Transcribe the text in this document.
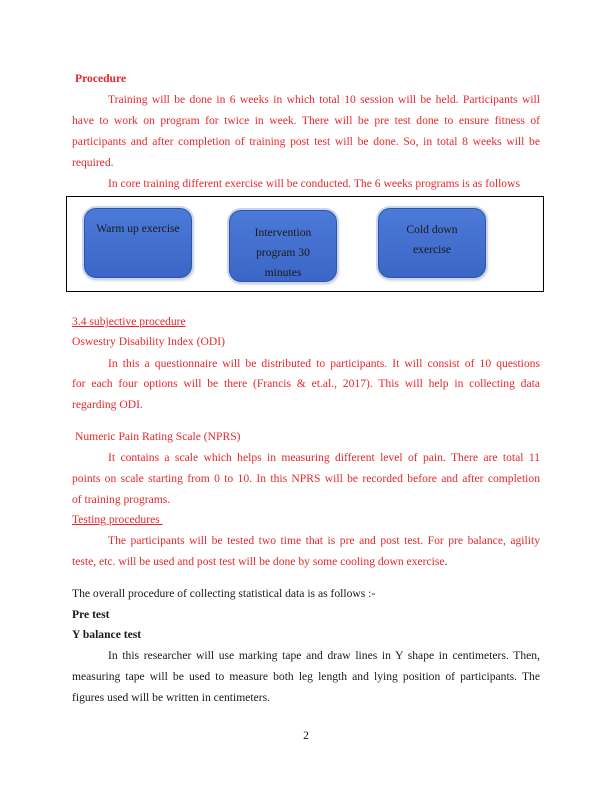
Procedure
Training will be done in 6 weeks in which total 10 session will be held. Participants will
have to work on program for twice in week. There will be pre test done to ensure fitness of
participants and after completion of training post test will be done. So, in total 8 weeks will be
required.
In core training different exercise will be conducted. The 6 weeks programs is as follows
Warm up exercise	Intervention
program 30
minutes
Cold down
exercise
3.4 subjective procedure
Oswestry Disability Index (ODI)
In this a questionnaire will be distributed to participants. It will consist of 10 questions
for each four options will be there (Francis & et.al., 2017). This will help in collecting data
regarding ODI.
Numeric Pain Rating Scale (NPRS)
It contains a scale which helps in measuring different level of pain. There are total 11
points on scale starting from 0 to 10. In this NPRS will be recorded before and after completion
of training programs.
Testing procedures
The participants will be tested two time that is pre and post test. For pre balance, agility
teste, etc. will be used and post test will be done by some cooling down exercise.
The overall procedure of collecting statistical data is as follows :-
Pre test
Y balance test
In this researcher will use marking tape and draw lines in Y shape in centimeters. Then,
measuring tape will be used to measure both leg length and lying position of participants. The
figures used will be written in centimeters.
2
